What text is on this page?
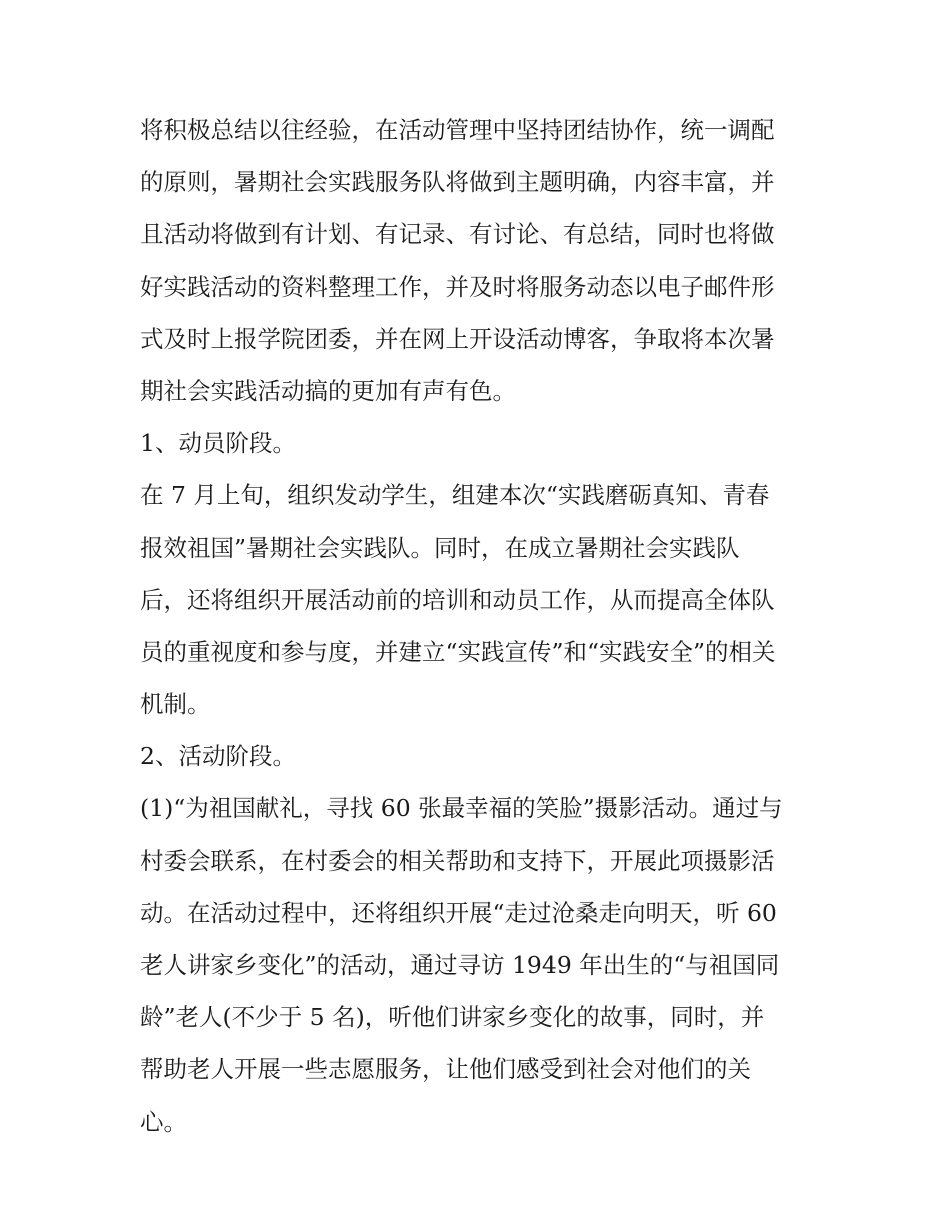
将积极总结以往经验，在活动管理中坚持团结协作，统一调配
的原则，暑期社会实践服务队将做到主题明确，内容丰富，并
且活动将做到有计划、有记录、有讨论、有总结，同时也将做
好实践活动的资料整理工作，并及时将服务动态以电子邮件形
式及时上报学院团委，并在网上开设活动博客，争取将本次暑
期社会实践活动搞的更加有声有色。
1、动员阶段。
在 7 月上旬，组织发动学生，组建本次“实践磨砺真知、青春
报效祖国”暑期社会实践队。同时，在成立暑期社会实践队
后，还将组织开展活动前的培训和动员工作，从而提高全体队
员的重视度和参与度，并建立“实践宣传”和“实践安全”的相关
机制。
2、活动阶段。
(1)“为祖国献礼，寻找 60 张最幸福的笑脸”摄影活动。通过与
村委会联系，在村委会的相关帮助和支持下，开展此项摄影活
动。在活动过程中，还将组织开展“走过沧桑走向明天，听 60
老人讲家乡变化”的活动，通过寻访 1949 年出生的“与祖国同
龄”老人(不少于 5 名)，听他们讲家乡变化的故事，同时，并
帮助老人开展一些志愿服务，让他们感受到社会对他们的关
心。
